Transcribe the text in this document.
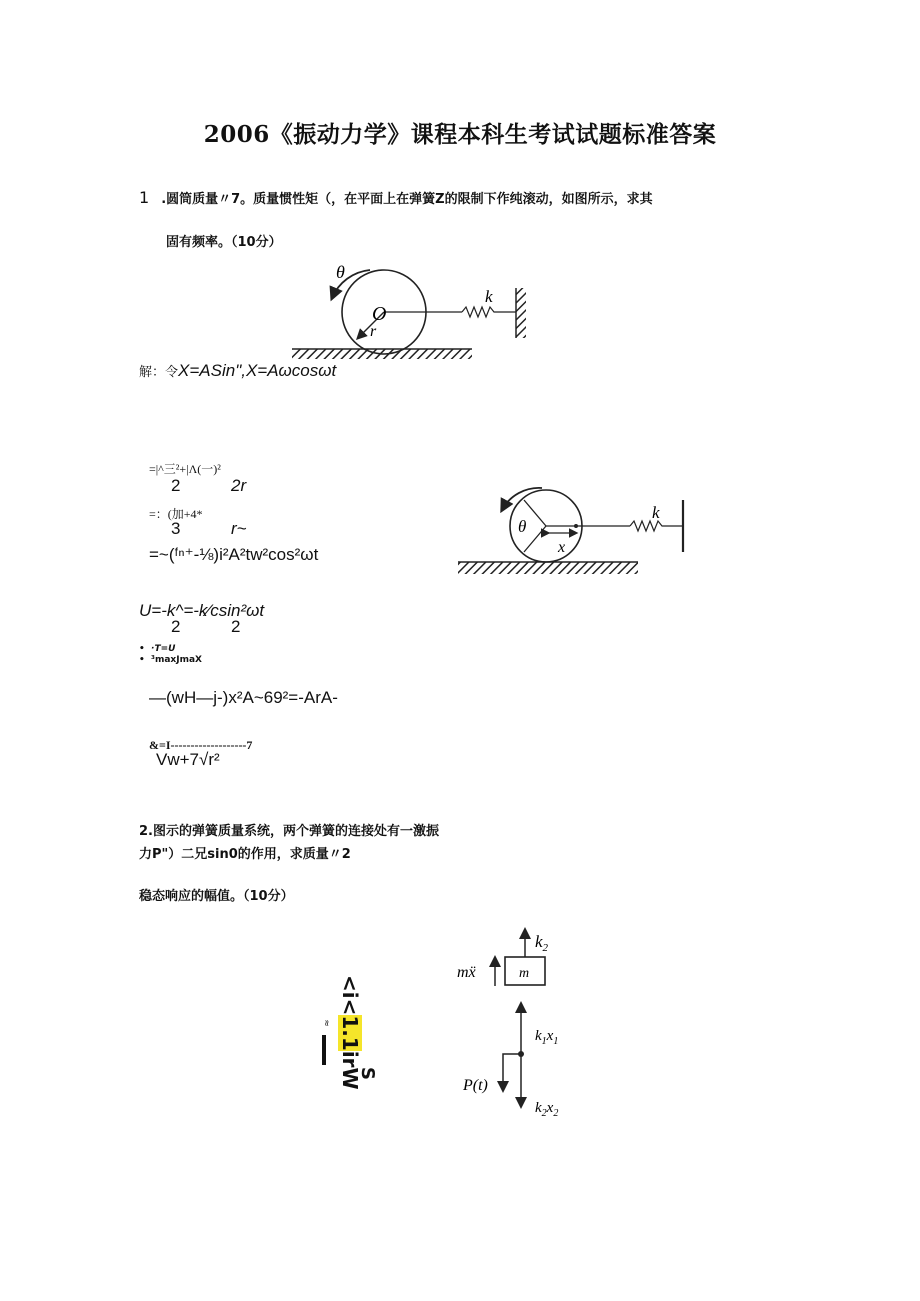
2006《振动力学》课程本科生考试试题标准答案
1 .圆筒质量〃7。质量惯性矩（，在平面上在弹簧Z的限制下作纯滚动，如图所示，求其
固有频率。（10分）
θ
O
r
k
解：令X=ASin",X=Aωcosωt
=|^三²+|Λ(一)²
2	2r
=：(加+4*
3	r~
=~(ᶠⁿ⁺-⅛)i²A²tw²cos²ωt
U=-k^=-k⁄csin²ωt
2	2
•  ·T=U
•  ³maxJmaX
—(wH—j-)x²A~69²=-ArA-
&=I-------------------7
Vw+7√r²
θ
x
k
2.图示的弹簧质量系统，两个弹簧的连接处有一激振
力P"）二兄sin0的作用，求质量〃2
稳态响应的幅值。（10分）
<i<1.1irW
≈
S
$k_2$
m
mẍ
$k_1x_1$
P(t)
$k_2x_2$
